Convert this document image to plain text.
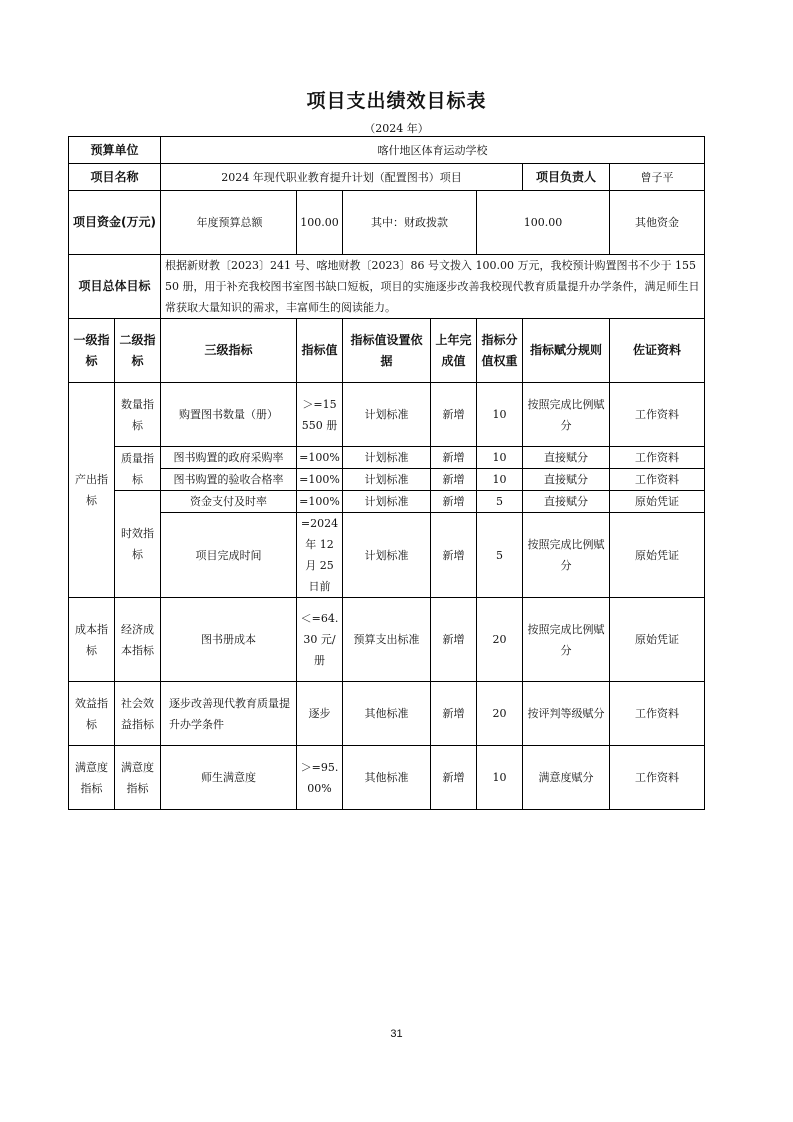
项目支出绩效目标表
（2024 年）
预算单位		喀什地区体育运动学校							
项目名称		2024 年现代职业教育提升计划（配置图书）项目					项目负责人	曾子平	
项目资金(万元)		年度预算总额	100.00	其中：财政拨款		100.00		其他资金	
项目总体目标		根据新财教〔2023〕241 号、喀地财教〔2023〕86 号文拨入 100.00 万元，我校预计购置图书不少于 15550 册，用于补充我校图书室图书缺口短板，项目的实施逐步改善我校现代教育质量提升办学条件，满足师生日常获取大量知识的需求，丰富师生的阅读能力。							
一级指标	二级指标	三级指标	指标值	指标值设置依据	上年完成值	指标分值权重	指标赋分规则	佐证资料	
产出指标	数量指标	购置图书数量（册）	＞=15550 册	计划标准	新增	10	按照完成比例赋分	工作资料	
	质量指标	图书购置的政府采购率	=100%	计划标准	新增	10	直接赋分	工作资料	
		图书购置的验收合格率	=100%	计划标准	新增	10	直接赋分	工作资料	
	时效指标	资金支付及时率	=100%	计划标准	新增	5	直接赋分	原始凭证	
		项目完成时间	=2024 年 12 月 25 日前	计划标准	新增	5	按照完成比例赋分	原始凭证	
成本指标	经济成本指标	图书册成本	＜=64.30 元/册	预算支出标准	新增	20	按照完成比例赋分	原始凭证	
效益指标	社会效益指标	逐步改善现代教育质量提升办学条件	逐步	其他标准	新增	20	按评判等级赋分	工作资料	
满意度指标	满意度指标	师生满意度	＞=95.00%	其他标准	新增	10	满意度赋分	工作资料	
31
